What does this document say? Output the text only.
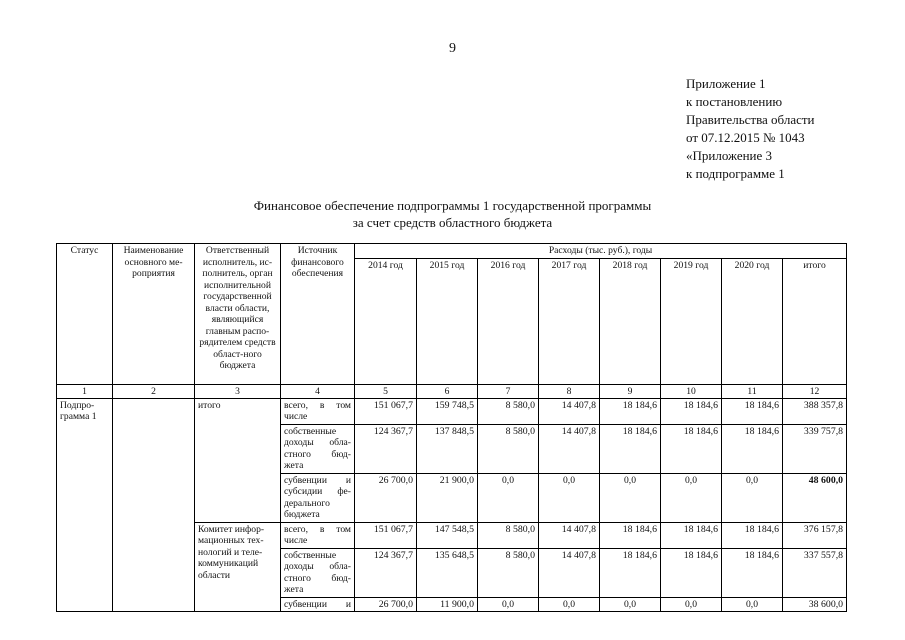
9
Приложение 1
к постановлению
Правительства области
от 07.12.2015 № 1043
«Приложение 3
к подпрограмме 1
Финансовое обеспечение подпрограммы 1 государственной программы
за счет средств областного бюджета
Статус	Наименование основного ме-роприятия	Ответственный исполнитель, ис-полнитель, орган исполнительной государственной власти области, являющийся главным распо-рядителем средств област-ного бюджета	Источник финансового обеспечения	Расходы (тыс. руб.), годы							
				2014 год	2015 год	2016 год	2017 год	2018 год	2019 год	2020 год	итого
1	2	3	4	5	6	7	8	9	10	11	12
Подпро-грамма 1		итого	всего, в том числе	151 067,7	159 748,5	8 580,0	14 407,8	18 184,6	18 184,6	18 184,6	388 357,8
			собственные доходы обла-стного бюд-жета	124 367,7	137 848,5	8 580,0	14 407,8	18 184,6	18 184,6	18 184,6	339 757,8
			субвенции и субсидии фе-дерального бюджета	26 700,0	21 900,0	0,0	0,0	0,0	0,0	0,0	48 600,0
		Комитет инфор-мационных тех-нологий и теле-коммуникаций области	всего, в том числе	151 067,7	147 548,5	8 580,0	14 407,8	18 184,6	18 184,6	18 184,6	376 157,8
			собственные доходы обла-стного бюд-жета	124 367,7	135 648,5	8 580,0	14 407,8	18 184,6	18 184,6	18 184,6	337 557,8
			субвенции и	26 700,0	11 900,0	0,0	0,0	0,0	0,0	0,0	38 600,0
